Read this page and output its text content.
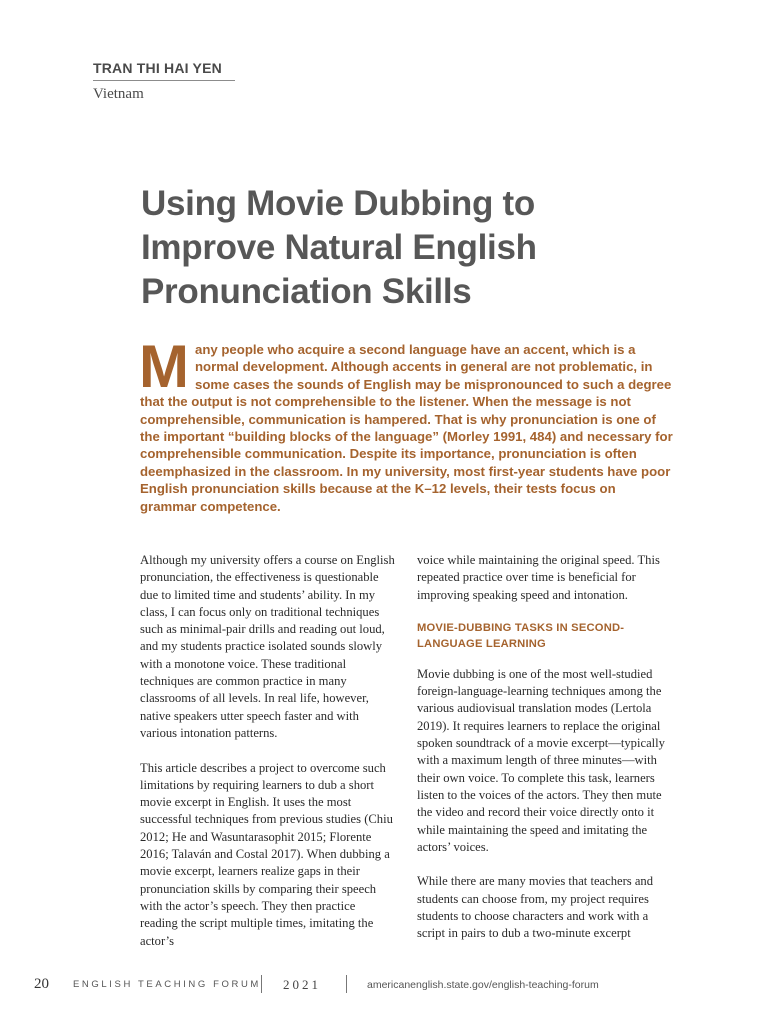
TRAN THI HAI YEN
Vietnam
Using Movie Dubbing to Improve Natural English Pronunciation Skills
M any people who acquire a second language have an accent, which is a normal development. Although accents in general are not problematic, in some cases the sounds of English may be mispronounced to such a degree that the output is not comprehensible to the listener. When the message is not comprehensible, communication is hampered. That is why pronunciation is one of the important “building blocks of the language” (Morley 1991, 484) and necessary for comprehensible communication. Despite its importance, pronunciation is often deemphasized in the classroom. In my university, most first-year students have poor English pronunciation skills because at the K–12 levels, their tests focus on grammar competence.

Although my university offers a course on English pronunciation, the effectiveness is questionable due to limited time and students’ ability. In my class, I can focus only on traditional techniques such as minimal-pair drills and reading out loud, and my students practice isolated sounds slowly with a monotone voice. These traditional techniques are common practice in many classrooms of all levels. In real life, however, native speakers utter speech faster and with various intonation patterns.

This article describes a project to overcome such limitations by requiring learners to dub a short movie excerpt in English. It uses the most successful techniques from previous studies (Chiu 2012; He and Wasuntarasophit 2015; Florente 2016; Talaván and Costal 2017). When dubbing a movie excerpt, learners realize gaps in their pronunciation skills by comparing their speech with the actor’s speech. They then practice reading the script multiple times, imitating the actor’s

voice while maintaining the original speed. This repeated practice over time is beneficial for improving speaking speed and intonation.

MOVIE-DUBBING TASKS IN SECOND-LANGUAGE LEARNING

Movie dubbing is one of the most well-studied foreign-language-learning techniques among the various audiovisual translation modes (Lertola 2019). It requires learners to replace the original spoken soundtrack of a movie excerpt—typically with a maximum length of three minutes—with their own voice. To complete this task, learners listen to the voices of the actors. They then mute the video and record their voice directly onto it while maintaining the speed and imitating the actors’ voices.

While there are many movies that teachers and students can choose from, my project requires students to choose characters and work with a script in pairs to dub a two-minute excerpt

20	ENGLISH TEACHING FORUM 2021	americanenglish.state.gov/english-teaching-forum
